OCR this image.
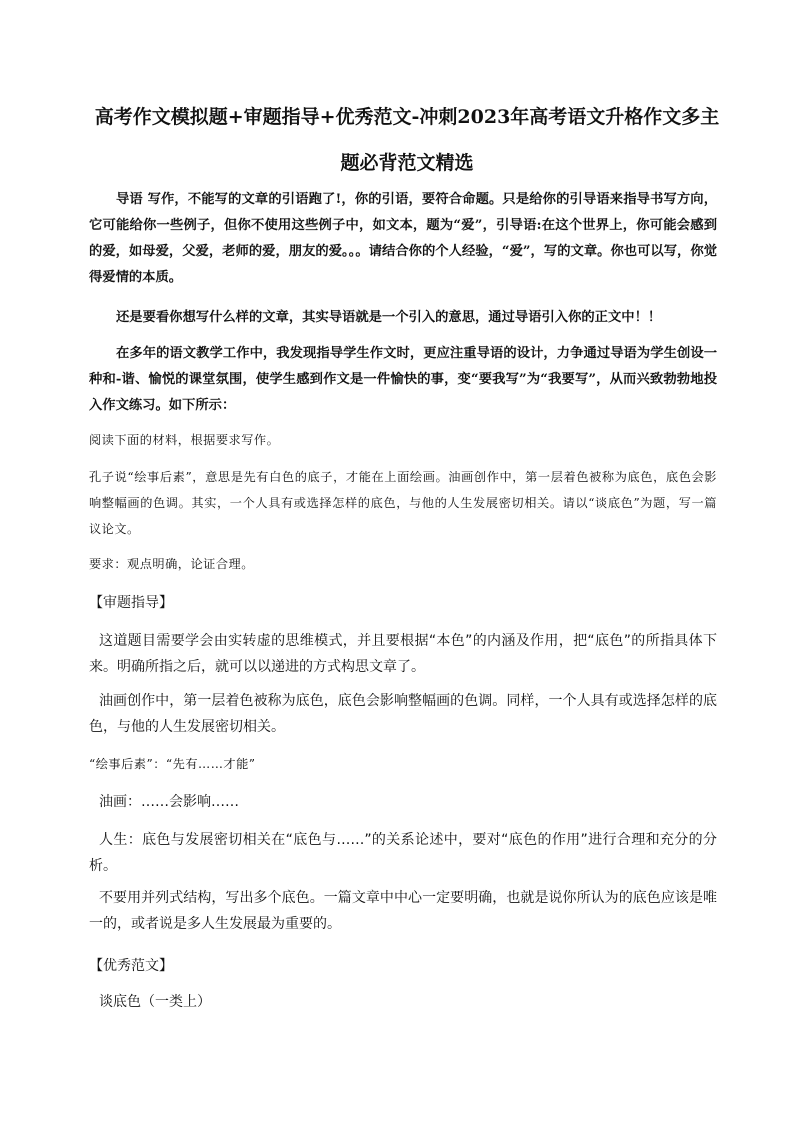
高考作文模拟题+审题指导+优秀范文-冲刺2023年高考语文升格作文多主题必背范文精选

导语 写作，不能写的文章的引语跑了!，你的引语，要符合命题。只是给你的引导语来指导书写方向，它可能给你一些例子，但你不使用这些例子中，如文本，题为“爱”，引导语:在这个世界上，你可能会感到的爱，如母爱，父爱，老师的爱，朋友的爱。。。请结合你的个人经验，“爱”，写的文章。你也可以写，你觉得爱情的本质。

还是要看你想写什么样的文章，其实导语就是一个引入的意思，通过导语引入你的正文中！！

在多年的语文教学工作中，我发现指导学生作文时，更应注重导语的设计，力争通过导语为学生创设一种和-谐、愉悦的课堂氛围，使学生感到作文是一件愉快的事，变“要我写”为“我要写”，从而兴致勃勃地投入作文练习。如下所示：

阅读下面的材料，根据要求写作。

孔子说“绘事后素”，意思是先有白色的底子，才能在上面绘画。油画创作中，第一层着色被称为底色，底色会影响整幅画的色调。其实，一个人具有或选择怎样的底色，与他的人生发展密切相关。请以“谈底色”为题，写一篇议论文。

要求：观点明确，论证合理。

【审题指导】

这道题目需要学会由实转虚的思维模式，并且要根据“本色”的内涵及作用，把“底色”的所指具体下来。明确所指之后，就可以以递进的方式构思文章了。

油画创作中，第一层着色被称为底色，底色会影响整幅画的色调。同样，一个人具有或选择怎样的底色，与他的人生发展密切相关。

“绘事后素”：“先有……才能”

油画：……会影响……

人生：底色与发展密切相关在“底色与……”的关系论述中，要对“底色的作用”进行合理和充分的分析。

不要用并列式结构，写出多个底色。一篇文章中中心一定要明确，也就是说你所认为的底色应该是唯一的，或者说是多人生发展最为重要的。

【优秀范文】

谈底色（一类上）
